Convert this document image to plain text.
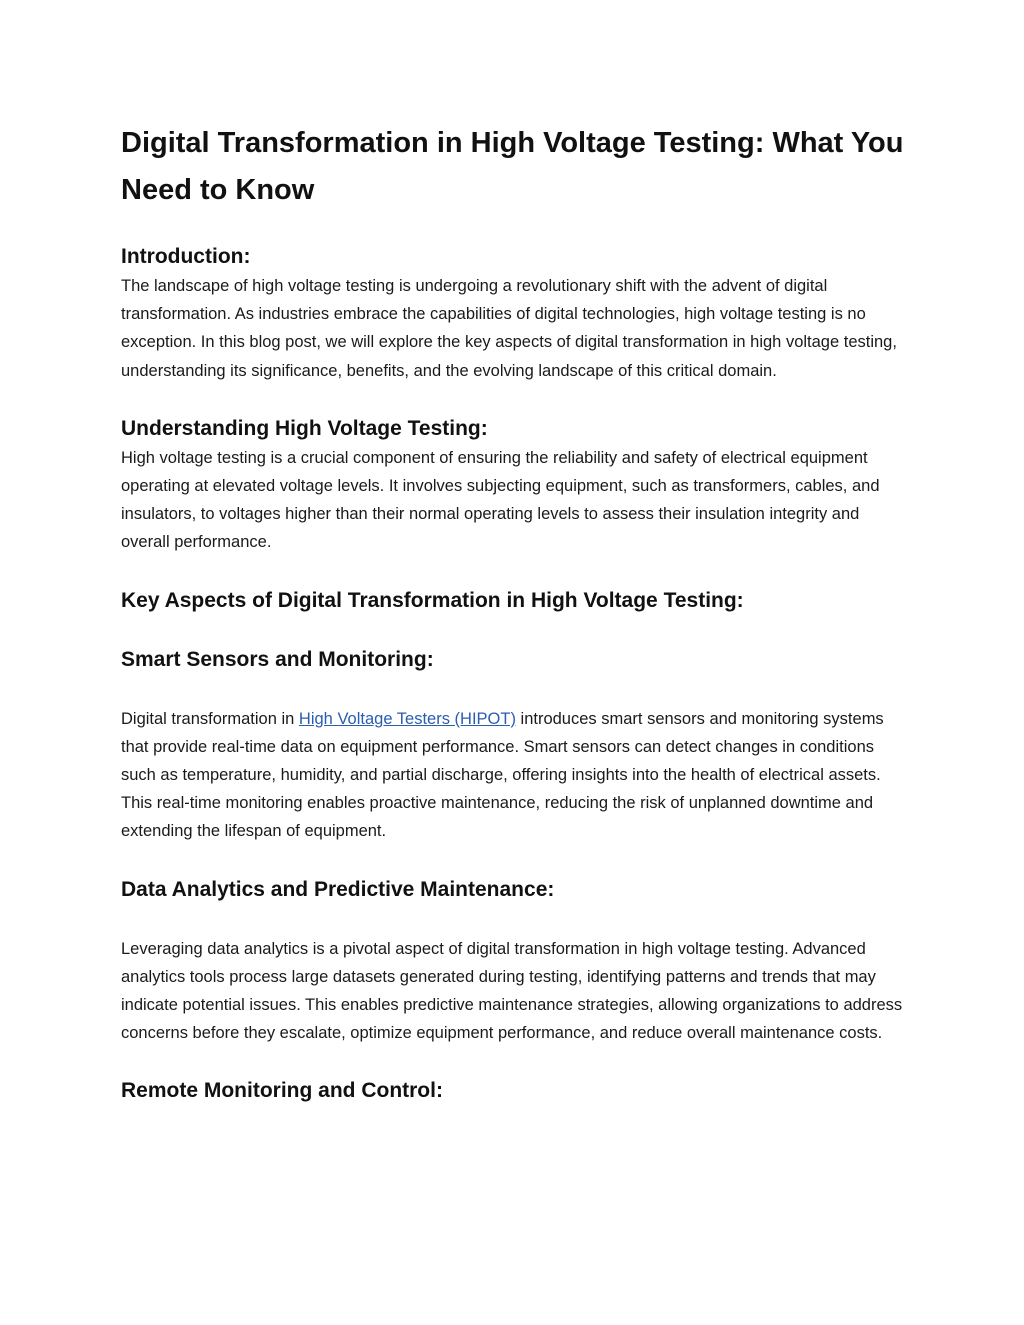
Digital Transformation in High Voltage Testing: What You Need to Know
Introduction:

The landscape of high voltage testing is undergoing a revolutionary shift with the advent of digital transformation. As industries embrace the capabilities of digital technologies, high voltage testing is no exception. In this blog post, we will explore the key aspects of digital transformation in high voltage testing, understanding its significance, benefits, and the evolving landscape of this critical domain.

Understanding High Voltage Testing:

High voltage testing is a crucial component of ensuring the reliability and safety of electrical equipment operating at elevated voltage levels. It involves subjecting equipment, such as transformers, cables, and insulators, to voltages higher than their normal operating levels to assess their insulation integrity and overall performance.

Key Aspects of Digital Transformation in High Voltage Testing:
Smart Sensors and Monitoring:

Digital transformation in High Voltage Testers (HIPOT) introduces smart sensors and monitoring systems that provide real-time data on equipment performance. Smart sensors can detect changes in conditions such as temperature, humidity, and partial discharge, offering insights into the health of electrical assets. This real-time monitoring enables proactive maintenance, reducing the risk of unplanned downtime and extending the lifespan of equipment.

Data Analytics and Predictive Maintenance:

Leveraging data analytics is a pivotal aspect of digital transformation in high voltage testing. Advanced analytics tools process large datasets generated during testing, identifying patterns and trends that may indicate potential issues. This enables predictive maintenance strategies, allowing organizations to address concerns before they escalate, optimize equipment performance, and reduce overall maintenance costs.

Remote Monitoring and Control:
